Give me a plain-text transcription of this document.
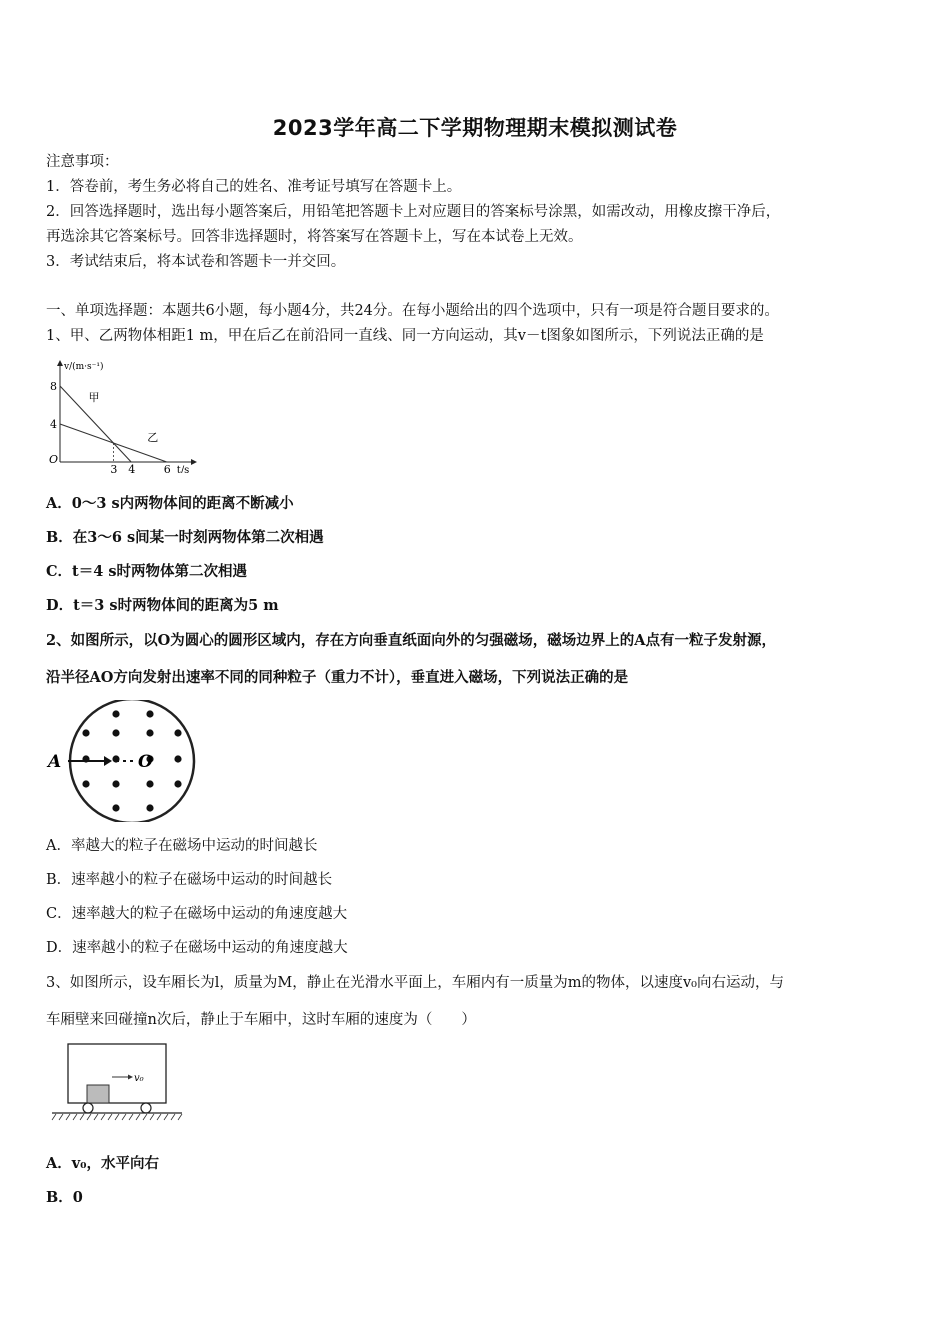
2023学年高二下学期物理期末模拟测试卷
注意事项：
1．答卷前，考生务必将自己的姓名、准考证号填写在答题卡上。
2．回答选择题时，选出每小题答案后，用铅笔把答题卡上对应题目的答案标号涂黑，如需改动，用橡皮擦干净后，
再选涂其它答案标号。回答非选择题时，将答案写在答题卡上，写在本试卷上无效。
3．考试结束后，将本试卷和答题卡一并交回。
一、单项选择题：本题共6小题，每小题4分，共24分。在每小题给出的四个选项中，只有一项是符合题目要求的。
1、甲、乙两物体相距1 m，甲在后乙在前沿同一直线、同一方向运动，其v－t图象如图所示，下列说法正确的是
甲
乙
8
4
3 4	6
O
t/s
v/(m·s⁻¹)
A．0～3 s内两物体间的距离不断减小
B．在3～6 s间某一时刻两物体第二次相遇
C．t＝4 s时两物体第二次相遇
D．t＝3 s时两物体间的距离为5 m
2、如图所示，以O为圆心的圆形区域内，存在方向垂直纸面向外的匀强磁场，磁场边界上的A点有一粒子发射源，
沿半径AO方向发射出速率不同的同种粒子（重力不计），垂直进入磁场，下列说法正确的是
A	O
A．率越大的粒子在磁场中运动的时间越长
B．速率越小的粒子在磁场中运动的时间越长
C．速率越大的粒子在磁场中运动的角速度越大
D．速率越小的粒子在磁场中运动的角速度越大
3、如图所示，设车厢长为l，质量为M，静止在光滑水平面上，车厢内有一质量为m的物体，以速度v₀向右运动，与
车厢壁来回碰撞n次后，静止于车厢中，这时车厢的速度为（　　）
v₀
A．v₀，水平向右
B．0
